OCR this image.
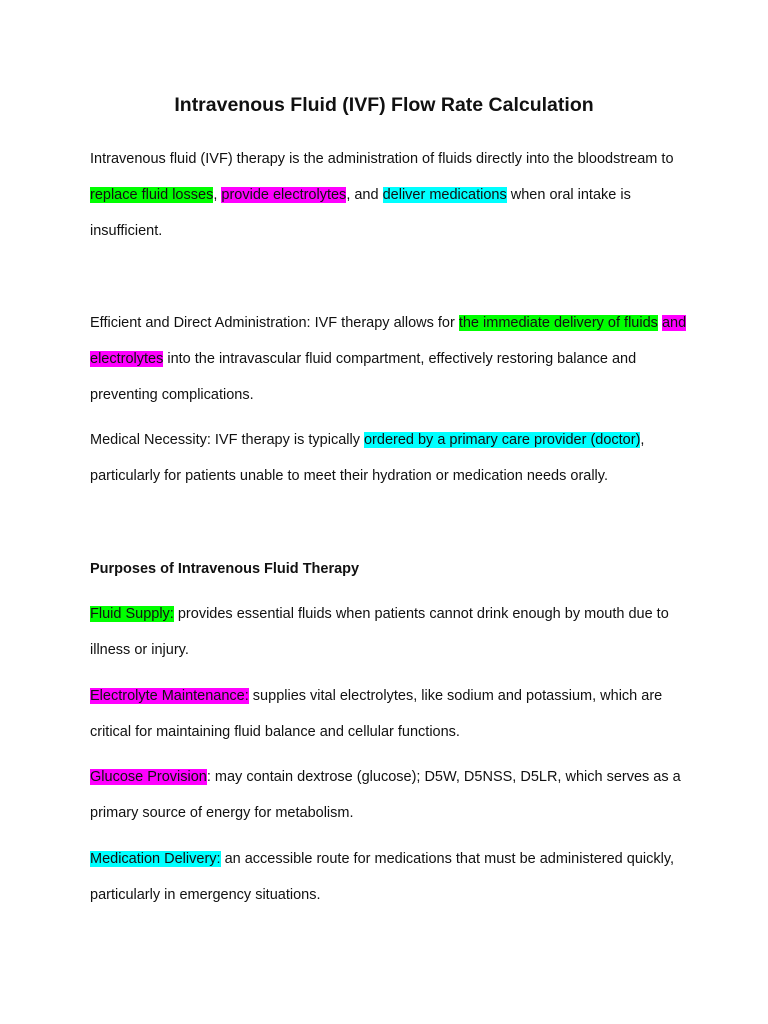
Intravenous Fluid (IVF) Flow Rate Calculation

Intravenous fluid (IVF) therapy is the administration of fluids directly into the bloodstream to replace fluid losses, provide electrolytes, and deliver medications when oral intake is insufficient.

Efficient and Direct Administration: IVF therapy allows for the immediate delivery of fluids and electrolytes into the intravascular fluid compartment, effectively restoring balance and preventing complications.

Medical Necessity: IVF therapy is typically ordered by a primary care provider (doctor), particularly for patients unable to meet their hydration or medication needs orally.

Purposes of Intravenous Fluid Therapy

Fluid Supply: provides essential fluids when patients cannot drink enough by mouth due to illness or injury.

Electrolyte Maintenance: supplies vital electrolytes, like sodium and potassium, which are critical for maintaining fluid balance and cellular functions.

Glucose Provision: may contain dextrose (glucose); D5W, D5NSS, D5LR, which serves as a primary source of energy for metabolism.

Medication Delivery: an accessible route for medications that must be administered quickly, particularly in emergency situations.
